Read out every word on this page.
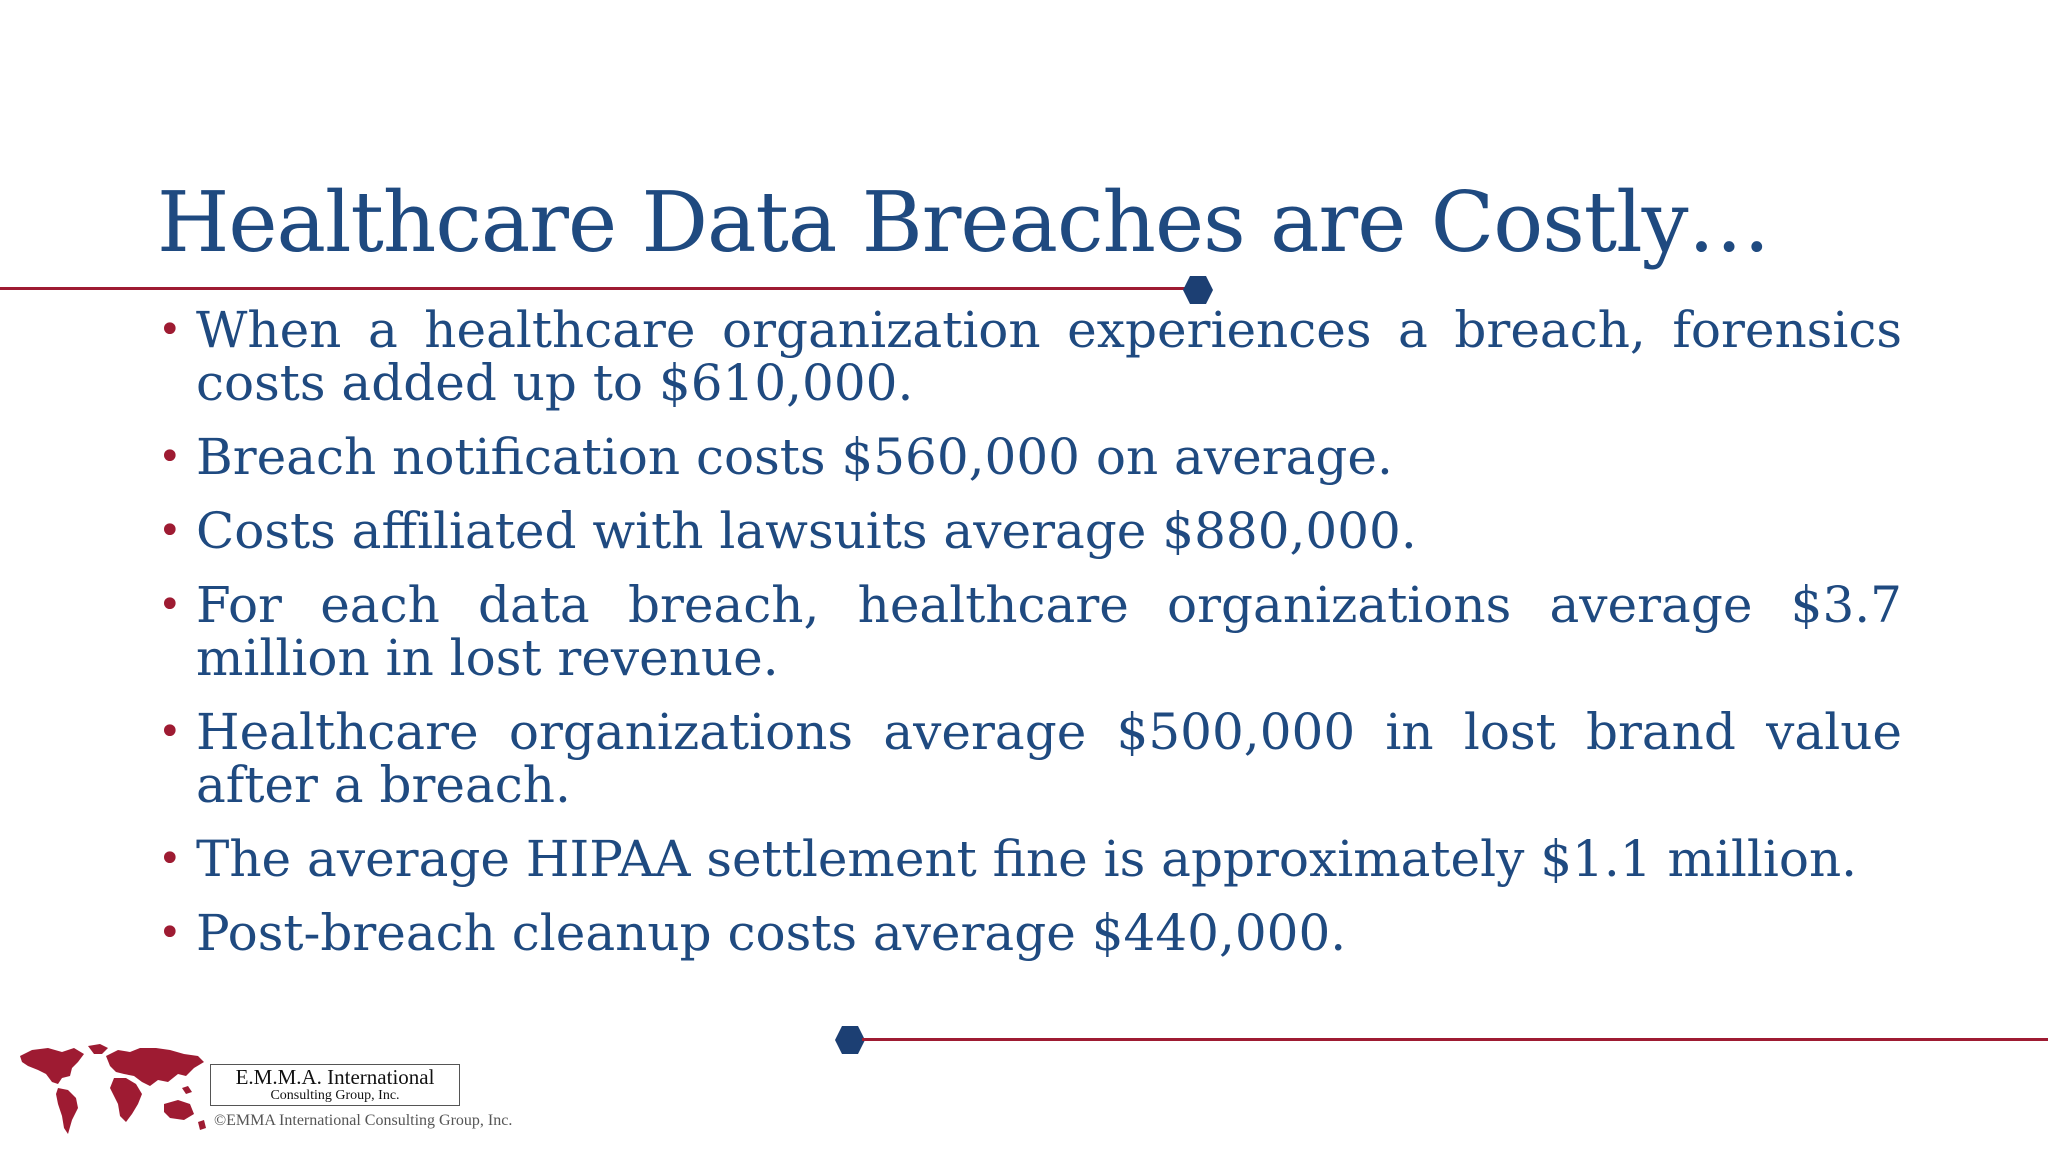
Healthcare Data Breaches are Costly…
• When a healthcare organization experiences a breach, forensics costs added up to $610,000.
• Breach notification costs $560,000 on average.
• Costs affiliated with lawsuits average $880,000.
• For each data breach, healthcare organizations average $3.7 million in lost revenue.
• Healthcare organizations average $500,000 in lost brand value after a breach.
• The average HIPAA settlement fine is approximately $1.1 million.
• Post-breach cleanup costs average $440,000.
E.M.M.A. International
Consulting Group, Inc.
©EMMA International Consulting Group, Inc.
